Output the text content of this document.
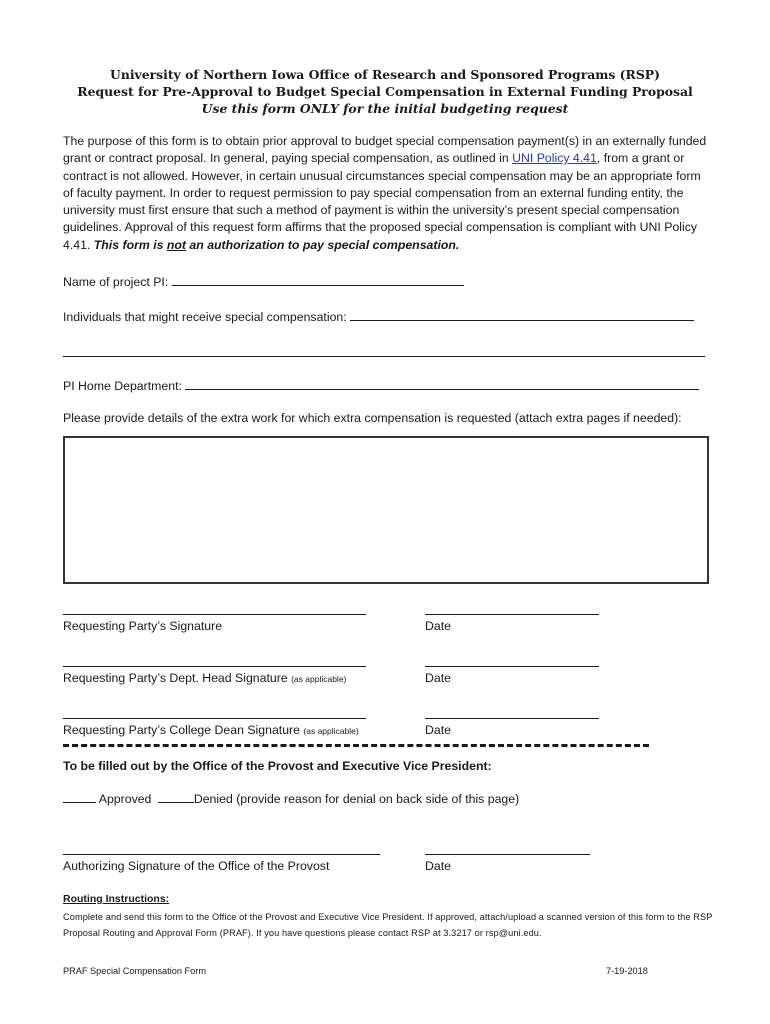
University of Northern Iowa Office of Research and Sponsored Programs (RSP)
Request for Pre-Approval to Budget Special Compensation in External Funding Proposal
Use this form ONLY for the initial budgeting request
The purpose of this form is to obtain prior approval to budget special compensation payment(s) in an externally funded grant or contract proposal. In general, paying special compensation, as outlined in UNI Policy 4.41, from a grant or contract is not allowed. However, in certain unusual circumstances special compensation may be an appropriate form of faculty payment. In order to request permission to pay special compensation from an external funding entity, the university must first ensure that such a method of payment is within the university’s present special compensation guidelines. Approval of this request form affirms that the proposed special compensation is compliant with UNI Policy 4.41. This form is not an authorization to pay special compensation.
Name of project PI:
Individuals that might receive special compensation:
PI Home Department:
Please provide details of the extra work for which extra compensation is requested (attach extra pages if needed):
Requesting Party’s Signature	Date
Requesting Party’s Dept. Head Signature (as applicable)	Date
Requesting Party’s College Dean Signature (as applicable)	Date
To be filled out by the Office of the Provost and Executive Vice President:
Approved	Denied (provide reason for denial on back side of this page)
Authorizing Signature of the Office of the Provost	Date
Routing Instructions:
Complete and send this form to the Office of the Provost and Executive Vice President. If approved, attach/upload a scanned version of this form to the RSP Proposal Routing and Approval Form (PRAF). If you have questions please contact RSP at 3.3217 or rsp@uni.edu.
PRAF Special Compensation Form	7-19-2018
